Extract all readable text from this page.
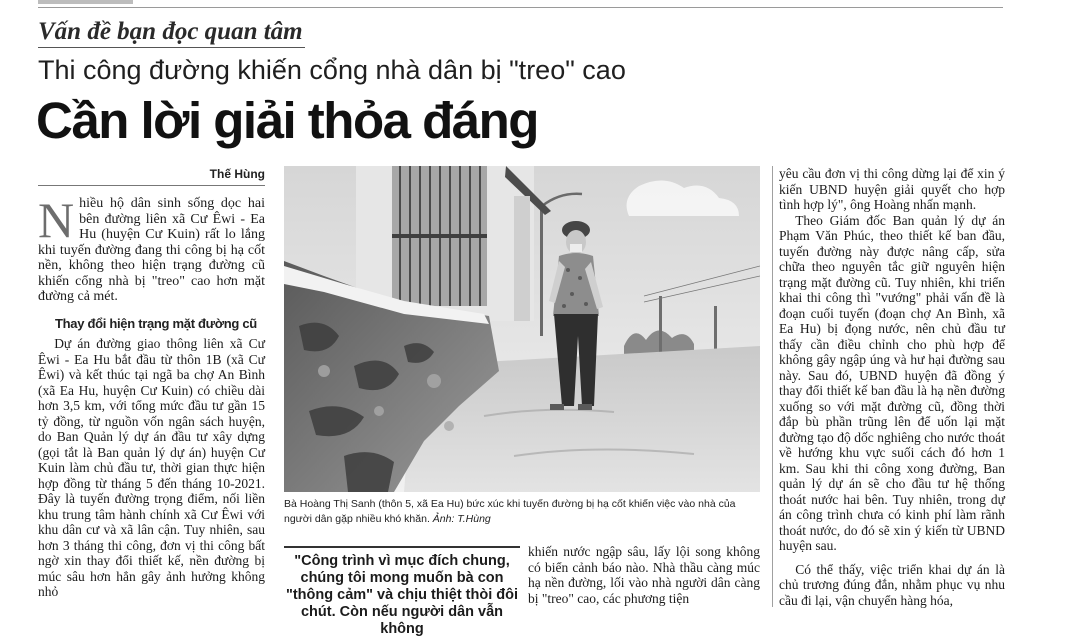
Vấn đề bạn đọc quan tâm
Thi công đường khiến cổng nhà dân bị "treo" cao
Cần lời giải thỏa đáng
Thế Hùng

Nhiều hộ dân sinh sống dọc hai bên đường liên xã Cư Êwi - Ea Hu (huyện Cư Kuin) rất lo lắng khi tuyến đường đang thi công bị hạ cốt nền, không theo hiện trạng đường cũ khiến cổng nhà bị "treo" cao hơn mặt đường cả mét.

Thay đổi hiện trạng mặt đường cũ

Dự án đường giao thông liên xã Cư Êwi - Ea Hu bắt đầu từ thôn 1B (xã Cư Êwi) và kết thúc tại ngã ba chợ An Bình (xã Ea Hu, huyện Cư Kuin) có chiều dài hơn 3,5 km, với tổng mức đầu tư gần 15 tỷ đồng, từ nguồn vốn ngân sách huyện, do Ban Quản lý dự án đầu tư xây dựng (gọi tắt là Ban quản lý dự án) huyện Cư Kuin làm chủ đầu tư, thời gian thực hiện hợp đồng từ tháng 5 đến tháng 10-2021. Đây là tuyến đường trọng điểm, nối liền khu trung tâm hành chính xã Cư Êwi với khu dân cư và xã lân cận. Tuy nhiên, sau hơn 3 tháng thi công, đơn vị thi công bất ngờ xin thay đổi thiết kế, nền đường bị múc sâu hơn hẳn gây ảnh hưởng không nhỏ

Bà Hoàng Thị Sanh (thôn 5, xã Ea Hu) bức xúc khi tuyến đường bị hạ cốt khiến việc vào nhà của người dân gặp nhiều khó khăn. Ảnh: T.Hùng
"Công trình vì mục đích chung, chúng tôi mong muốn bà con "thông cảm" và chịu thiệt thòi đôi chút. Còn nếu người dân vẫn không

khiến nước ngập sâu, lấy lội song không có biển cảnh báo nào. Nhà thầu càng múc hạ nền đường, lối vào nhà người dân càng bị "treo" cao, các phương tiện

yêu cầu đơn vị thi công dừng lại để xin ý kiến UBND huyện giải quyết cho hợp tình hợp lý", ông Hoàng nhấn mạnh.

Theo Giám đốc Ban quản lý dự án Phạm Văn Phúc, theo thiết kế ban đầu, tuyến đường này được nâng cấp, sửa chữa theo nguyên tắc giữ nguyên hiện trạng mặt đường cũ. Tuy nhiên, khi triển khai thi công thì "vướng" phải vấn đề là đoạn cuối tuyến (đoạn chợ An Bình, xã Ea Hu) bị đọng nước, nên chủ đầu tư thấy cần điều chỉnh cho phù hợp để không gây ngập úng và hư hại đường sau này. Sau đó, UBND huyện đã đồng ý thay đổi thiết kế ban đầu là hạ nền đường xuống so với mặt đường cũ, đồng thời đắp bù phần trũng lên để uốn lại mặt đường tạo độ dốc nghiêng cho nước thoát về hướng khu vực suối cách đó hơn 1 km. Sau khi thi công xong đường, Ban quản lý dự án sẽ cho đầu tư hệ thống thoát nước hai bên. Tuy nhiên, trong dự án công trình chưa có kinh phí làm rãnh thoát nước, do đó sẽ xin ý kiến từ UBND huyện sau.

Có thể thấy, việc triển khai dự án là chủ trương đúng đắn, nhằm phục vụ nhu cầu đi lại, vận chuyển hàng hóa,
